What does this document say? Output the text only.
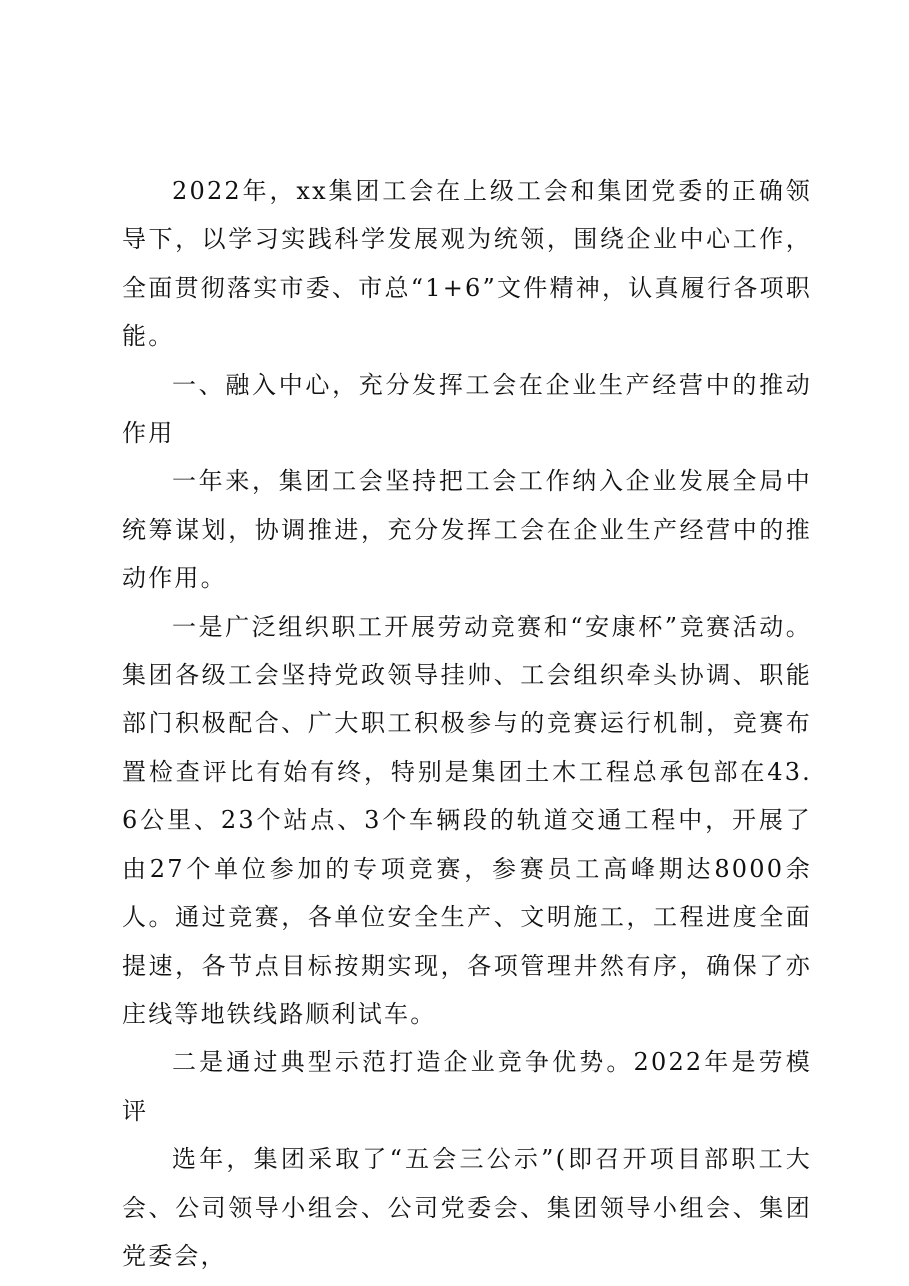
2022年，xx集团工会在上级工会和集团党委的正确领导下，以学习实践科学发展观为统领，围绕企业中心工作，全面贯彻落实市委、市总“1+6”文件精神，认真履行各项职能。

一、融入中心，充分发挥工会在企业生产经营中的推动作用

一年来，集团工会坚持把工会工作纳入企业发展全局中统筹谋划，协调推进，充分发挥工会在企业生产经营中的推动作用。

一是广泛组织职工开展劳动竞赛和“安康杯”竞赛活动。集团各级工会坚持党政领导挂帅、工会组织牵头协调、职能部门积极配合、广大职工积极参与的竞赛运行机制，竞赛布置检查评比有始有终，特别是集团土木工程总承包部在43.6公里、23个站点、3个车辆段的轨道交通工程中，开展了由27个单位参加的专项竞赛，参赛员工高峰期达8000余人。通过竞赛，各单位安全生产、文明施工，工程进度全面提速，各节点目标按期实现，各项管理井然有序，确保了亦庄线等地铁线路顺利试车。

二是通过典型示范打造企业竞争优势。2022年是劳模评

选年，集团采取了“五会三公示”(即召开项目部职工大会、公司领导小组会、公司党委会、集团领导小组会、集团党委会，
